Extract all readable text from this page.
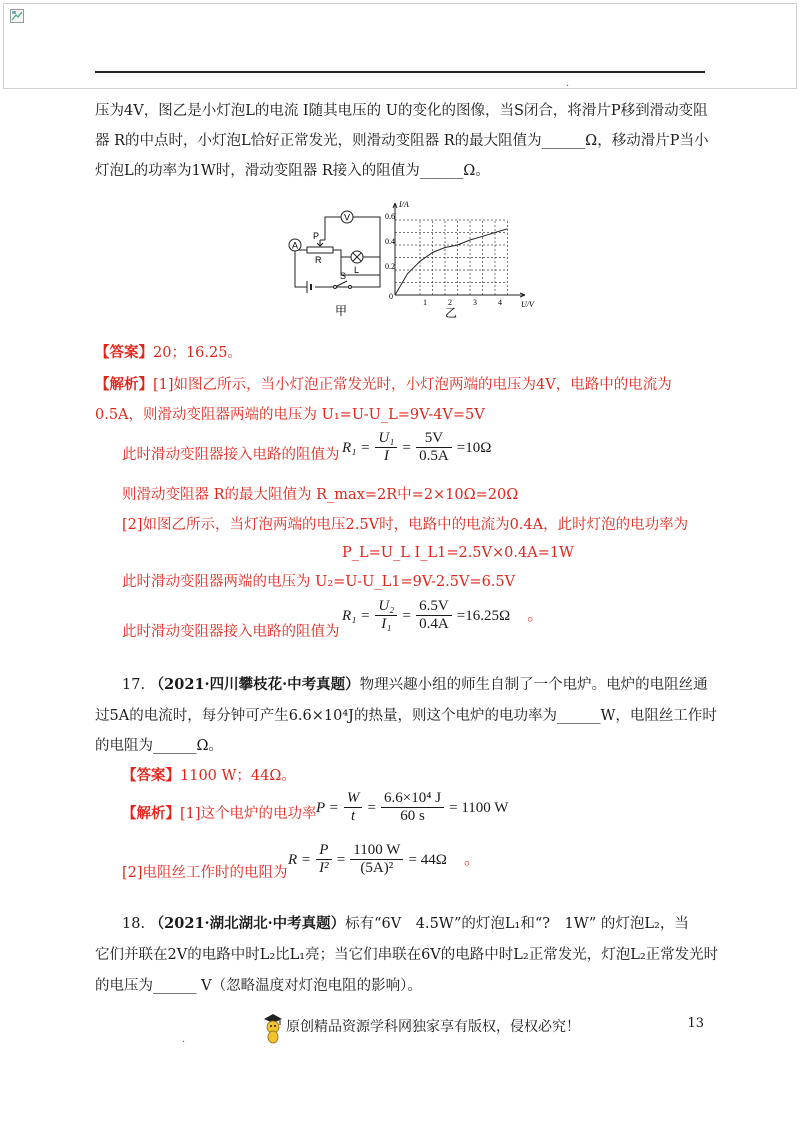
.
压为4V，图乙是小灯泡L的电流 I随其电压的 U的变化的图像，当S闭合，将滑片P移到滑动变阻
器 R的中点时，小灯泡L恰好正常发光，则滑动变阻器 R的最大阻值为______Ω，移动滑片P当小
灯泡L的功率为1W时，滑动变阻器 R接入的阻值为______Ω。
V
L
A
P
R
S
甲
I/A
U/V
0.6
0.4
0.2
0
1	2	3	4
乙
【答案】20；16.25。
【解析】[1]如图乙所示，当小灯泡正常发光时，小灯泡两端的电压为4V，电路中的电流为
0.5A，则滑动变阻器两端的电压为 U₁=U-U_L=9V-4V=5V
此时滑动变阻器接入电路的阻值为 $R_1 = \frac{\text{U₁}}{I} = \frac{5V}{0.5A} =10\Omega$
则滑动变阻器 R的最大阻值为 R_max=2R中=2×10Ω=20Ω
[2]如图乙所示，当灯泡两端的电压2.5V时，电路中的电流为0.4A，此时灯泡的电功率为
P_L=U_L I_L1=2.5V×0.4A=1W
此时滑动变阻器两端的电压为 U₂=U-U_L1=9V-2.5V=6.5V
此时滑动变阻器接入电路的阻值为
$R_1 = \frac{\text{U₂}}{\text{I₁}} = \frac{6.5V}{0.4A} =16.25\Omega$ 。
17. （2021·四川攀枝花·中考真题）物理兴趣小组的师生自制了一个电炉。电炉的电阻丝通
过5A的电流时，每分钟可产生6.6×10⁴J的热量，则这个电炉的电功率为______W，电阻丝工作时
的电阻为______Ω。
【答案】1100 W；44Ω。
【解析】[1]这个电炉的电功率 $P = \frac{W}{t} = \frac{\text{6.6×10⁴ J}}{60 s} = 1100$ W
[2]电阻丝工作时的电阻为
$R = \frac{P}{\text{I²}} = \frac{1100 W}{\text{(5A)²}} = 44\Omega$ 。
18. （2021·湖北湖北·中考真题）标有“6V　4.5W”的灯泡L₁和“?　1W” 的灯泡L₂，当
它们并联在2V的电路中时L₂比L₁亮；当它们串联在6V的电路中时L₂正常发光，灯泡L₂正常发光时
的电压为______ V（忽略温度对灯泡电阻的影响）。
13
.
原创精品资源学科网独家享有版权，侵权必究！
